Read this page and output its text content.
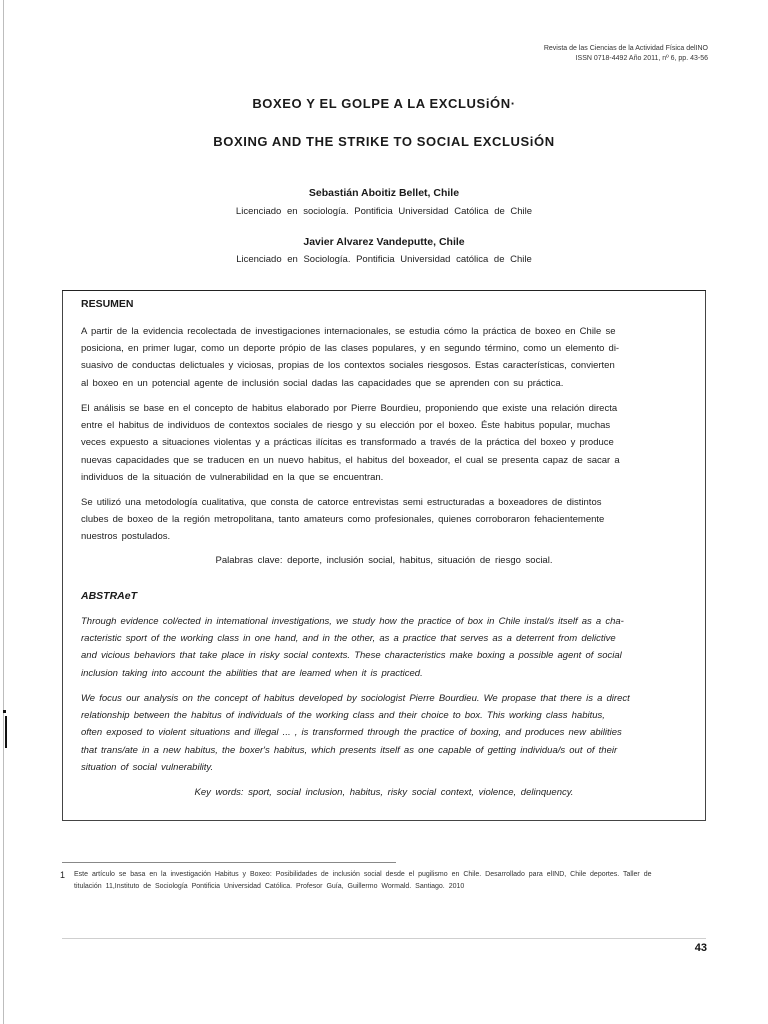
Revista de las Ciencias de la Actividad Física delINO
ISSN 0718-4492 Año 2011, nº 6, pp. 43-56
BOXEO Y EL GOLPE A LA EXCLUSiÓN·
BOXING AND THE STRIKE TO SOCIAL EXCLUSiÓN
Sebastián Aboitiz Bellet, Chile
Licenciado en sociología. Pontificia Universidad Católica de Chile
Javier Alvarez Vandeputte, Chile
Licenciado en Sociología. Pontificia Universidad católica de Chile
RESUMEN
A partir de la evidencia recolectada de investigaciones internacionales, se estudia cómo la práctica de boxeo en Chile se
posiciona, en primer lugar, como un deporte própio de las clases populares, y en segundo término, como un elemento di-
suasivo de conductas delictuales y viciosas, propias de los contextos sociales riesgosos. Estas características, convierten
al boxeo en un potencial agente de inclusión social dadas las capacidades que se aprenden con su práctica.
El análisis se base en el concepto de habitus elaborado por Pierre Bourdieu, proponiendo que existe una relación directa
entre el habitus de individuos de contextos sociales de riesgo y su elección por el boxeo. Éste habitus popular, muchas
veces expuesto a situaciones violentas y a prácticas ilícitas es transformado a través de la práctica del boxeo y produce
nuevas capacidades que se traducen en un nuevo habitus, el habitus del boxeador, el cual se presenta capaz de sacar a
individuos de la situación de vulnerabilidad en la que se encuentran.
Se utilizó una metodología cualitativa, que consta de catorce entrevistas semi estructuradas a boxeadores de distintos
clubes de boxeo de la región metropolitana, tanto amateurs como profesionales, quienes corroboraron fehacientemente
nuestros postulados.
Palabras clave: deporte, inclusión social, habitus, situación de riesgo social.
ABSTRAeT
Through evidence col/ected in intemational investigations, we study how the practice of box in Chile instal/s itself as a cha-
racteristic sport of the working class in one hand, and in the other, as a practice that serves as a deterrent from delictive
and vicious behaviors that take place in risky social contexts. These characteristics make boxing a possible agent of social
inclusion taking into account the abilities that are leamed when it is practiced.
We focus our analysis on the concept of habitus developed by sociologist Pierre Bourdieu. We propase that there is a direct
relationship between the habitus of individuals of the working class and their choice to box. This working class habitus,
often exposed to violent situations and illegal ... , is transformed through the practice of boxing, and produces new abilities
that trans/ate in a new habitus, the boxer's habitus, which presents itself as one capable of getting individua/s out of their
situation of social vulnerability.
Key words: sport, social inclusion, habitus, risky social context, violence, delinquency.
1 Este artículo se basa en la investigación Habitus y Boxeo: Posibilidades de inclusión social desde el pugilismo en Chile. Desarrollado para elIND, Chile deportes. Taller de
titulación 11,Instituto de Sociología Pontificia Universidad Católica. Profesor Guía, Guillermo Wormald. Santiago. 2010
43
